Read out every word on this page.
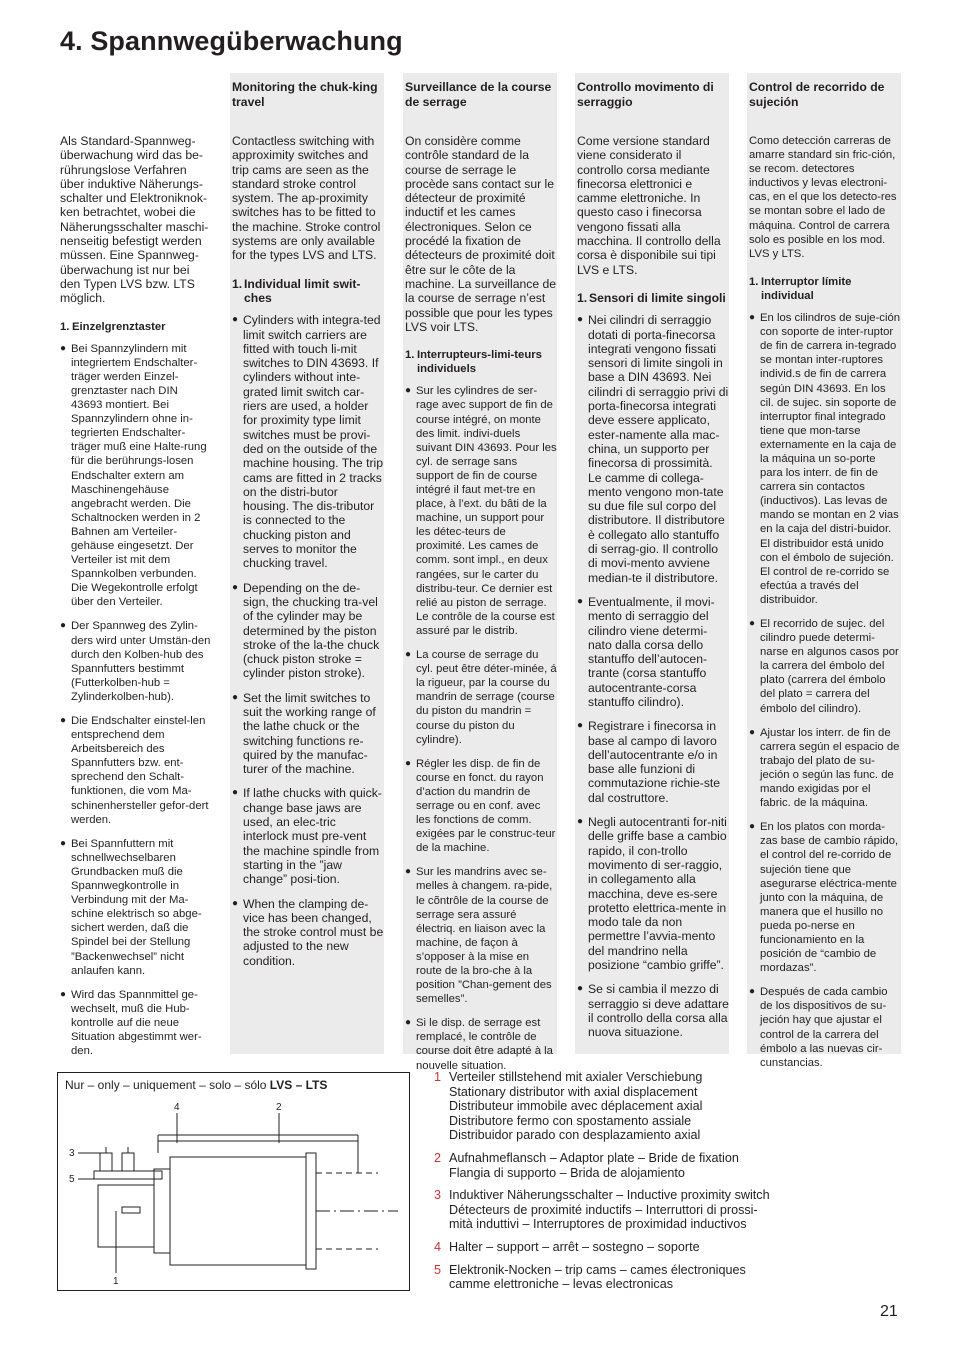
4. Spannwegüberwachung

Als Standard-Spannweg-überwachung wird das be-rührungslose Verfahren über induktive Näherungs-schalter und Elektroniknok-ken betrachtet, wobei die Näherungsschalter maschi-nenseitig befestigt werden müssen. Eine Spannweg-überwachung ist nur bei den Typen LVS bzw. LTS möglich.

1. Einzelgrenztaster
● Bei Spannzylindern mit integriertem Endschalter-träger werden Einzel-grenztaster nach DIN 43693 montiert. Bei Spannzylindern ohne in-tegrierten Endschalter-träger muß eine Halte-rung für die berührungs-losen Endschalter extern am Maschinengehäuse angebracht werden. Die Schaltnocken werden in 2 Bahnen am Verteiler-gehäuse eingesetzt. Der Verteiler ist mit dem Spannkolben verbunden. Die Wegekontrolle erfolgt über den Verteiler.
● Der Spannweg des Zylin-ders wird unter Umstän-den durch den Kolben-hub des Spannfutters bestimmt (Futterkolben-hub = Zylinderkolben-hub).
● Die Endschalter einstel-len entsprechend dem Arbeitsbereich des Spannfutters bzw. ent-sprechend den Schalt-funktionen, die vom Ma-schinenhersteller gefor-dert werden.
● Bei Spannfuttern mit schnellwechselbaren Grundbacken muß die Spannwegkontrolle in Verbindung mit der Ma-schine elektrisch so abge-sichert werden, daß die Spindel bei der Stellung ”Backenwechsel” nicht anlaufen kann.
● Wird das Spannmittel ge-wechselt, muß die Hub-kontrolle auf die neue Situation abgestimmt wer-den.
Monitoring the chuk-king travel

Contactless switching with approximity switches and trip cams are seen as the standard stroke control system. The ap-proximity switches has to be fitted to the machine. Stroke control systems are only available for the types LVS and LTS.

1. Individual limit swit-ches
● Cylinders with integra-ted limit switch carriers are fitted with touch li-mit switches to DIN 43693. If cylinders without inte-grated limit switch car-riers are used, a holder for proximity type limit switches must be provi-ded on the outside of the machine housing. The trip cams are fitted in 2 tracks on the distri-butor housing. The dis-tributor is connected to the chucking piston and serves to monitor the chucking travel.
● Depending on the de-sign, the chucking tra-vel of the cylinder may be determined by the piston stroke of the la-the chuck (chuck piston stroke = cylinder piston stroke).
● Set the limit switches to suit the working range of the lathe chuck or the switching functions re-quired by the manufac-turer of the machine.
● If lathe chucks with quick-change base jaws are used, an elec-tric interlock must pre-vent the machine spindle from starting in the ”jaw change” posi-tion.
● When the clamping de-vice has been changed, the stroke control must be adjusted to the new condition.
Surveillance de la course de serrage

On considère comme contrôle standard de la course de serrage le procède sans contact sur le détecteur de proximité inductif et les cames électroniques. Selon ce procédé la fixation de détecteurs de proximité doit être sur le côte de la machine. La surveillance de la course de serrage n’est possible que pour les types LVS voir LTS.

1. Interrupteurs-limi-teurs individuels
● Sur les cylindres de ser-rage avec support de fin de course intégré, on monte des limit. indivi-duels suivant DIN 43693. Pour les cyl. de serrage sans support de fin de course intégré il faut met-tre en place, à l’ext. du bâti de la machine, un support pour les détec-teurs de proximité. Les cames de comm. sont impl., en deux rangées, sur le carter du distribu-teur. Ce dernier est relié au piston de serrage. Le contrôle de la course est assuré par le distrib.
● La course de serrage du cyl. peut être déter-minée, á la rigueur, par la course du mandrin de serrage (course du piston du mandrin = course du piston du cylindre).
● Régler les disp. de fin de course en fonct. du rayon d’action du mandrin de serrage ou en conf. avec les fonctions de comm. exigées par le construc-teur de la machine.
● Sur les mandrins avec se-melles à changem. ra-pide, le cõntrôle de la course de serrage sera assuré électriq. en liaison avec la machine, de façon à s’opposer à la mise en route de la bro-che à la position ”Chan-gement des semelles”.
● Si le disp. de serrage est remplacé, le contrôle de course doit être adapté à la nouvelle situation.
Controllo movimento di serraggio

Come versione standard viene considerato il controllo corsa mediante finecorsa elettronici e camme elettroniche. In questo caso i finecorsa vengono fissati alla macchina. Il controllo della corsa è disponibile sui tipi LVS e LTS.

1. Sensori di limite singoli
● Nei cilindri di serraggio dotati di porta-finecorsa integrati vengono fissati sensori di limite singoli in base a DIN 43693. Nei cilindri di serraggio privi di porta-finecorsa integrati deve essere applicato, ester-namente alla mac-china, un supporto per finecorsa di prossimità. Le camme di collega-mento vengono mon-tate su due file sul corpo del distributore. Il distributore è collegato allo stantuffo di serrag-gio. Il controllo di movi-mento avviene median-te il distributore.
● Eventualmente, il movi-mento di serraggio del cilindro viene determi-nato dalla corsa dello stantuffo dell’autocen-trante (corsa stantuffo autocentrante-corsa stantuffo cilindro).
● Registrare i finecorsa in base al campo di lavoro dell’autocentrante e/o in base alle funzioni di commutazione richie-ste dal costruttore.
● Negli autocentranti for-niti delle griffe base a cambio rapido, il con-trollo movimento di ser-raggio, in collegamento alla macchina, deve es-sere protetto elettrica-mente in modo tale da non permettre l’avvia-mento del mandrino nella posizione “cambio griffe”.
● Se si cambia il mezzo di serraggio si deve adattare il controllo della corsa alla nuova situazione.
Control de recorrido de sujeción

Como detección carreras de amarre standard sin fric-ción, se recom. detectores inductivos y levas electroni-cas, en el que los detecto-res se montan sobre el lado de máquina. Control de carrera solo es posible en los mod. LVS y LTS.

1. Interruptor límite individual
● En los cilindros de suje-ción con soporte de inter-ruptor de fin de carrera in-tegrado se montan inter-ruptores individ.s de fin de carrera según DIN 43693. En los cil. de sujec. sin soporte de interruptor final integrado tiene que mon-tarse externamente en la caja de la máquina un so-porte para los interr. de fin de carrera sin contactos (inductivos). Las levas de mando se montan en 2 vias en la caja del distri-buidor. El distribuidor está unido con el émbolo de sujeción. El control de re-corrido se efectúa a través del distribuidor.
● El recorrido de sujec. del cilindro puede determi-narse en algunos casos por la carrera del émbolo del plato (carrera del émbolo del plato = carrera del émbolo del cilindro).
● Ajustar los interr. de fin de carrera según el espacio de trabajo del plato de su-jeción o según las func. de mando exigidas por el fabric. de la máquina.
● En los platos con morda-zas base de cambio rápido, el control del re-corrido de sujeción tiene que asegurarse eléctrica-mente junto con la máquina, de manera que el husillo no pueda po-nerse en funcionamiento en la posición de “cambio de mordazas”.
● Después de cada cambio de los dispositivos de su-jeción hay que ajustar el control de la carrera del émbolo a las nuevas cir-cunstancias.
Nur – only – uniquement – solo – sólo LVS – LTS
4	2
3
5
1
1 Verteiler stillstehend mit axialer Verschiebung
Stationary distributor with axial displacement
Distributeur immobile avec déplacement axial
Distributore fermo con spostamento assiale
Distribuidor parado con desplazamiento axial
2 Aufnahmeflansch – Adaptor plate – Bride de fixation
Flangia di supporto – Brida de alojamiento
3 Induktiver Näherungsschalter – Inductive proximity switch
Détecteurs de proximité inductifs – Interruttori di prossi-
mità induttivi – Interruptores de proximidad inductivos
4 Halter – support – arrêt – sostegno – soporte
5 Elektronik-Nocken – trip cams – cames électroniques
camme elettroniche – levas electronicas
21
